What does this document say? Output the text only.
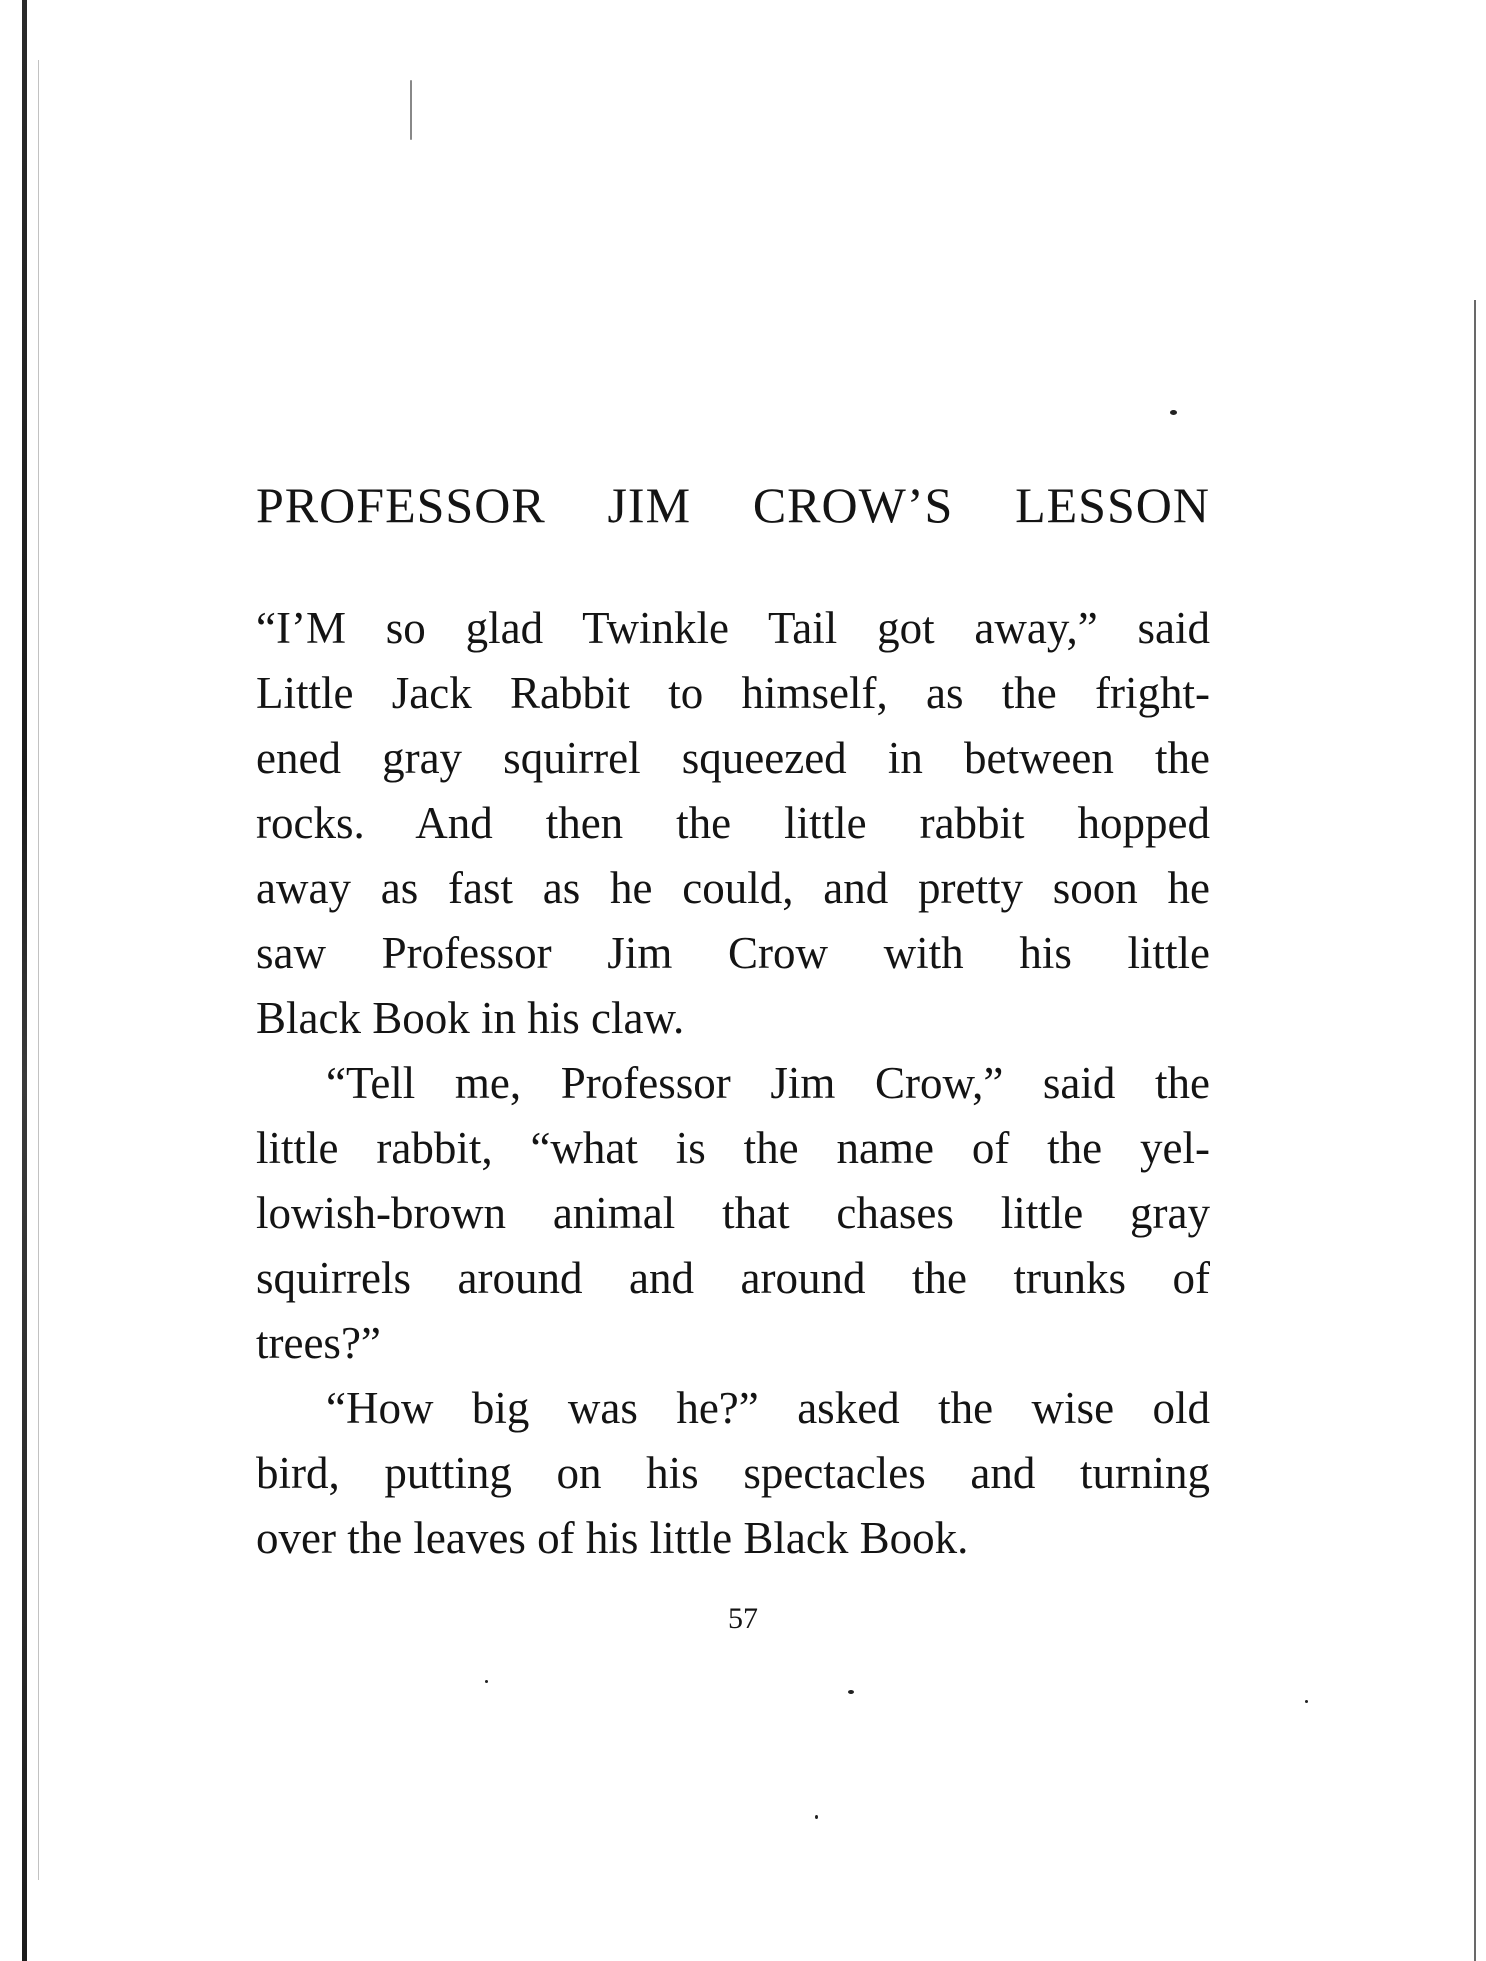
PROFESSOR JIM CROW’S LESSON

“I’M so glad Twinkle Tail got away,” said
Little Jack Rabbit to himself, as the fright-
ened gray squirrel squeezed in between the
rocks. And then the little rabbit hopped
away as fast as he could, and pretty soon he
saw Professor Jim Crow with his little
Black Book in his claw.

“Tell me, Professor Jim Crow,” said the
little rabbit, “what is the name of the yel-
lowish-brown animal that chases little gray
squirrels around and around the trunks of
trees?”

“How big was he?” asked the wise old
bird, putting on his spectacles and turning
over the leaves of his little Black Book.

57
